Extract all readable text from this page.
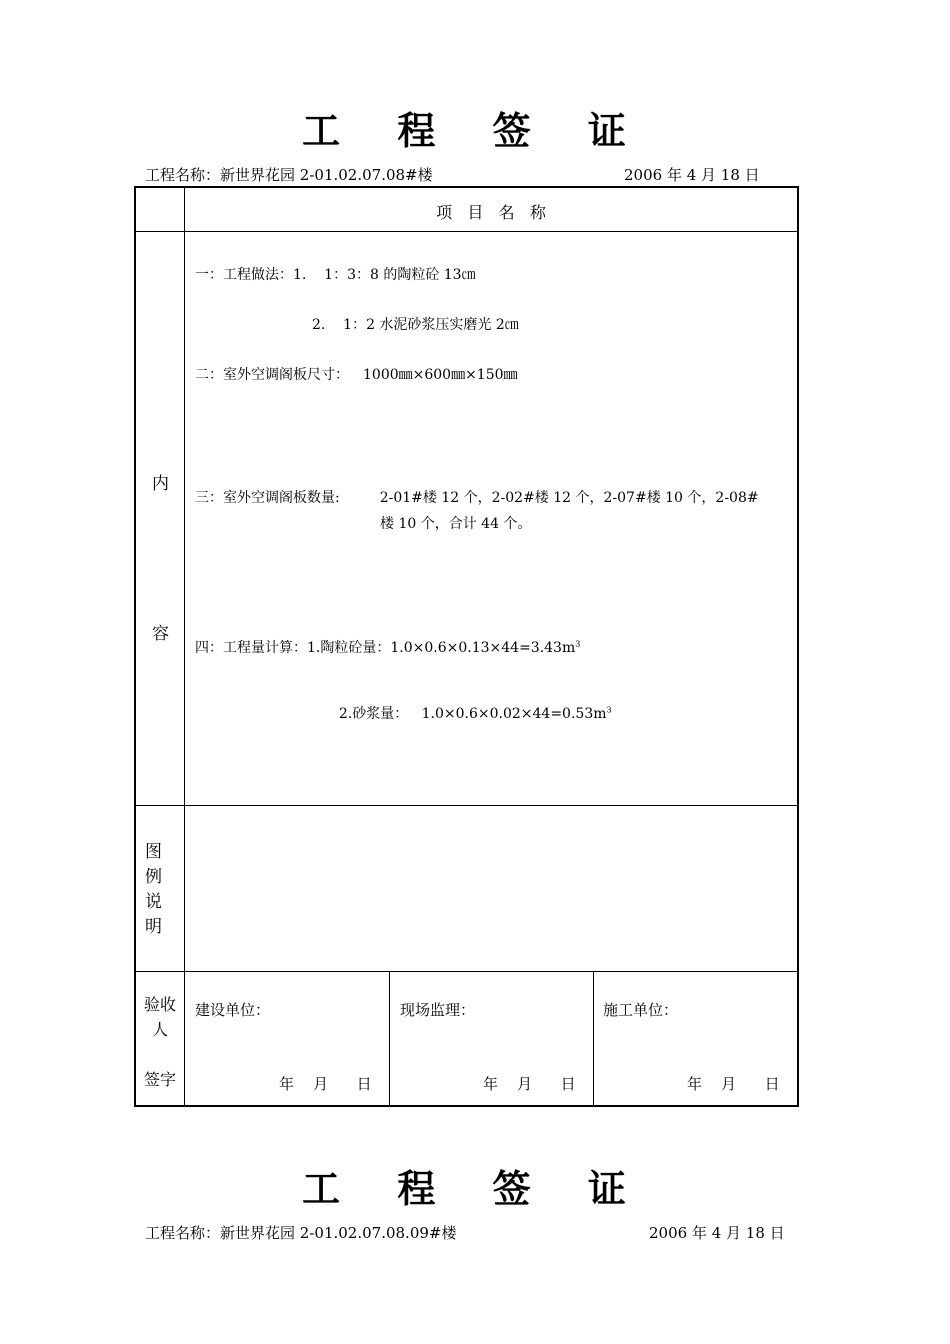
工 程 签 证
工程名称：新世界花园 2-01.02.07.08#楼	2006 年 4 月 18 日
项   目   名   称
内
容
一：工程做法：1.    1：3：8 的陶粒砼 13㎝
2.    1：2 水泥砂浆压实磨光 2㎝
二：室外空调阁板尺寸： 1000㎜×600㎜×150㎜
三：室外空调阁板数量:	2-01#楼 12 个，2-02#楼 12 个，2-07#楼 10 个，2-08#
楼 10 个，合计 44 个。
四：工程量计算：1.陶粒砼量：$1.0\times 0.6\times 0.13\times 44=3.43m^3$

2.砂浆量：   $1.0\times 0.6\times 0.02\times 44=0.53m^3$

图
例
说
明
验收
人
签字
建设单位：
年    月      日
现场监理：
年    月      日
施工单位：
年    月      日
工 程 签 证
工程名称：新世界花园 2-01.02.07.08.09#楼	2006 年 4 月 18 日
